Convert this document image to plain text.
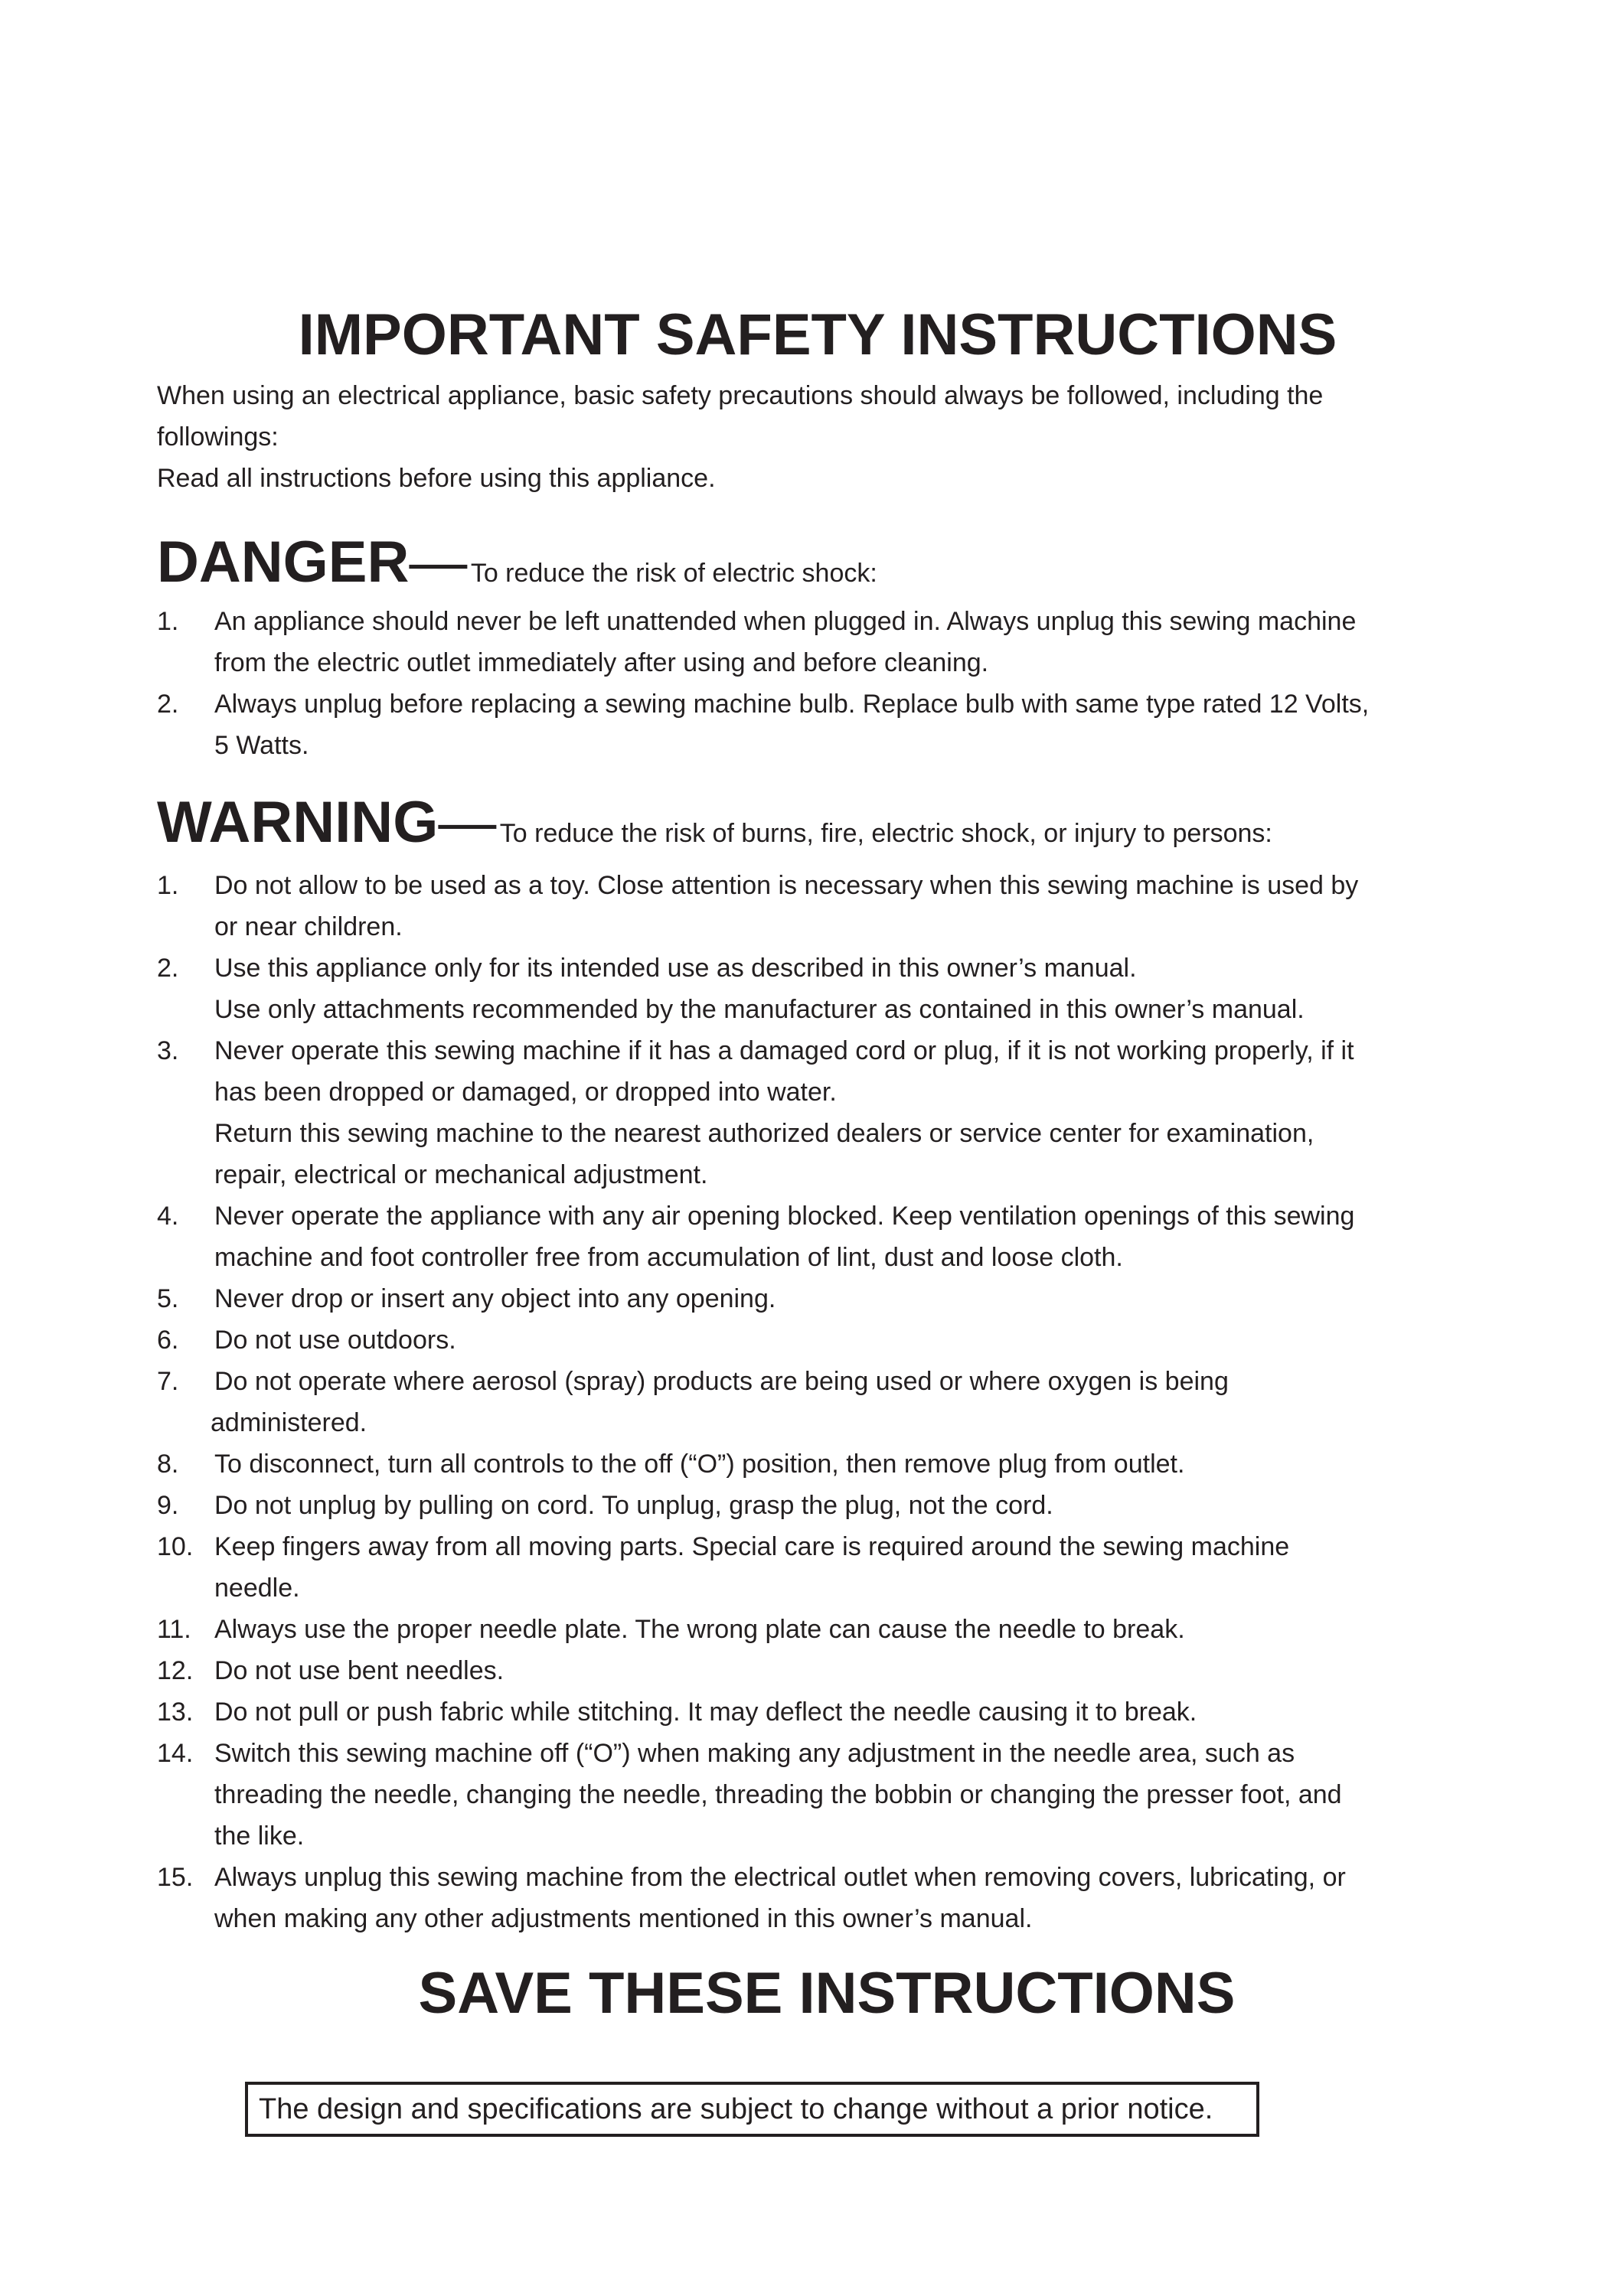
IMPORTANT SAFETY INSTRUCTIONS

When using an electrical appliance, basic safety precautions should always be followed, including the

followings:

Read all instructions before using this appliance.

DANGER— To reduce the risk of electric shock:
1. An appliance should never be left unattended when plugged in. Always unplug this sewing machine
from the electric outlet immediately after using and before cleaning.
2. Always unplug before replacing a sewing machine bulb. Replace bulb with same type rated 12 Volts,
5 Watts.
WARNING— To reduce the risk of burns, fire, electric shock, or injury to persons:
1. Do not allow to be used as a toy. Close attention is necessary when this sewing machine is used by
or near children.
2. Use this appliance only for its intended use as described in this owner’s manual.
Use only attachments recommended by the manufacturer as contained in this owner’s manual.
3. Never operate this sewing machine if it has a damaged cord or plug, if it is not working properly, if it
has been dropped or damaged, or dropped into water.
Return this sewing machine to the nearest authorized dealers or service center for examination,
repair, electrical or mechanical adjustment.
4. Never operate the appliance with any air opening blocked. Keep ventilation openings of this sewing
machine and foot controller free from accumulation of lint, dust and loose cloth.
5. Never drop or insert any object into any opening.
6. Do not use outdoors.
7. Do not operate where aerosol (spray) products are being used or where oxygen is being
administered.
8. To disconnect, turn all controls to the off (“O”) position, then remove plug from outlet.
9. Do not unplug by pulling on cord. To unplug, grasp the plug, not the cord.
10. Keep fingers away from all moving parts. Special care is required around the sewing machine
needle.
11. Always use the proper needle plate. The wrong plate can cause the needle to break.
12. Do not use bent needles.
13. Do not pull or push fabric while stitching. It may deflect the needle causing it to break.
14. Switch this sewing machine off (“O”) when making any adjustment in the needle area, such as
threading the needle, changing the needle, threading the bobbin or changing the presser foot, and
the like.
15. Always unplug this sewing machine from the electrical outlet when removing covers, lubricating, or
when making any other adjustments mentioned in this owner’s manual.
SAVE THESE INSTRUCTIONS
The design and specifications are subject to change without a prior notice.
